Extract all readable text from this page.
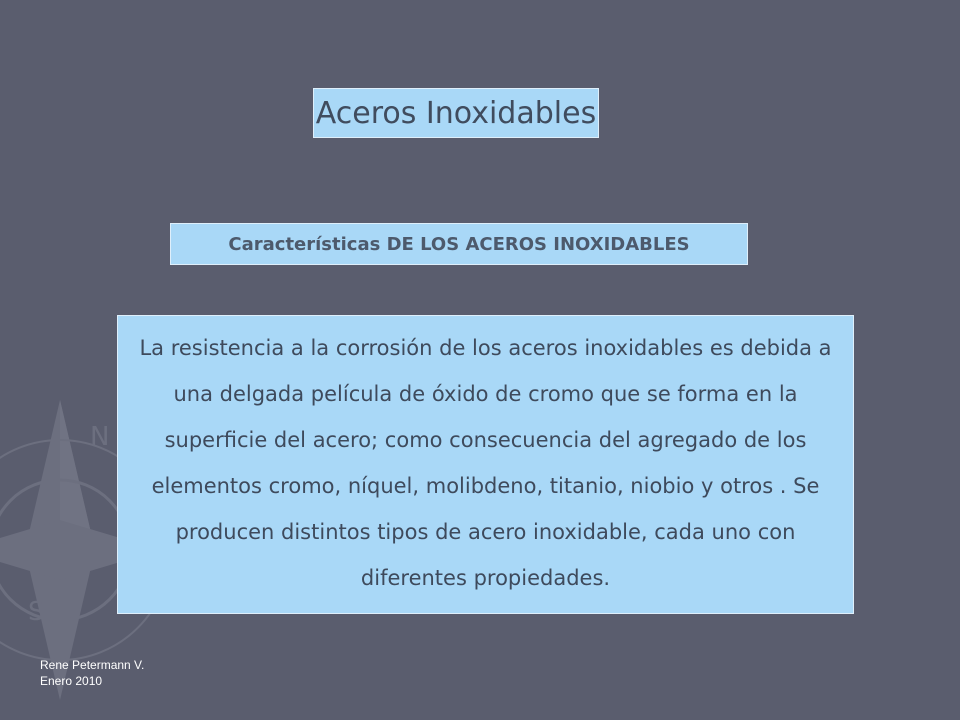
N
S
Aceros Inoxidables
Características DE LOS ACEROS INOXIDABLES
La resistencia a la corrosión de los aceros inoxidables es debida a una delgada película de óxido de cromo que se forma en la superficie del acero; como consecuencia del agregado de los elementos cromo, níquel, molibdeno, titanio, niobio y otros . Se producen distintos tipos de acero inoxidable, cada uno con diferentes propiedades.
Rene Petermann V.
Enero 2010
